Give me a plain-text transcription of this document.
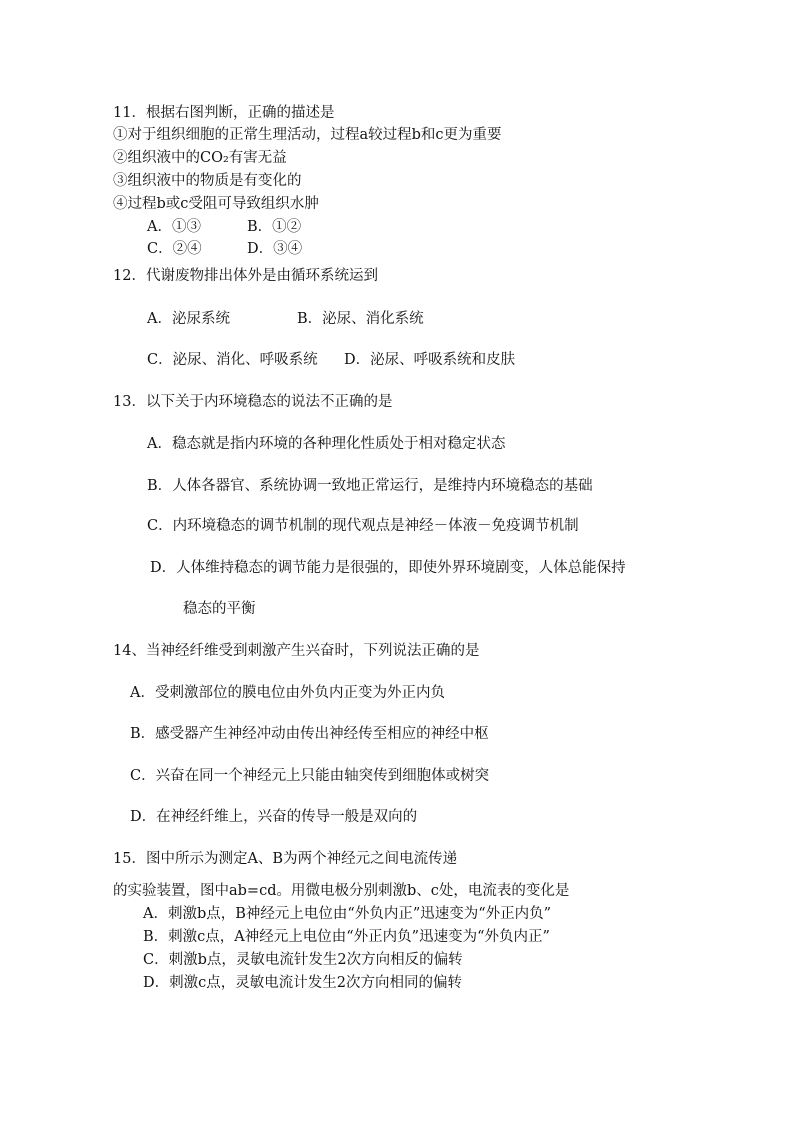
11．根据右图判断，正确的描述是
①对于组织细胞的正常生理活动，过程a较过程b和c更为重要
②组织液中的CO₂有害无益
③组织液中的物质是有变化的
④过程b或c受阻可导致组织水肿
A．①③	B．①②
C．②④	D．③④
12．代谢废物排出体外是由循环系统运到
A．泌尿系统	B．泌尿、消化系统
C．泌尿、消化、呼吸系统 D．泌尿、呼吸系统和皮肤
13．以下关于内环境稳态的说法不正确的是
A．稳态就是指内环境的各种理化性质处于相对稳定状态
B．人体各器官、系统协调一致地正常运行，是维持内环境稳态的基础
C．内环境稳态的调节机制的现代观点是神经－体液－免疫调节机制
D．人体维持稳态的调节能力是很强的，即使外界环境剧变，人体总能保持
稳态的平衡
14、当神经纤维受到刺激产生兴奋时，下列说法正确的是
A．受刺激部位的膜电位由外负内正变为外正内负
B．感受器产生神经冲动由传出神经传至相应的神经中枢
C．兴奋在同一个神经元上只能由轴突传到细胞体或树突
D．在神经纤维上，兴奋的传导一般是双向的
15．图中所示为测定A、B为两个神经元之间电流传递
的实验装置，图中ab=cd。用微电极分别刺激b、c处，电流表的变化是
A．刺激b点，B神经元上电位由“外负内正”迅速变为“外正内负”
B．刺激c点，A神经元上电位由“外正内负”迅速变为“外负内正”
C．刺激b点，灵敏电流针发生2次方向相反的偏转
D．刺激c点，灵敏电流计发生2次方向相同的偏转
